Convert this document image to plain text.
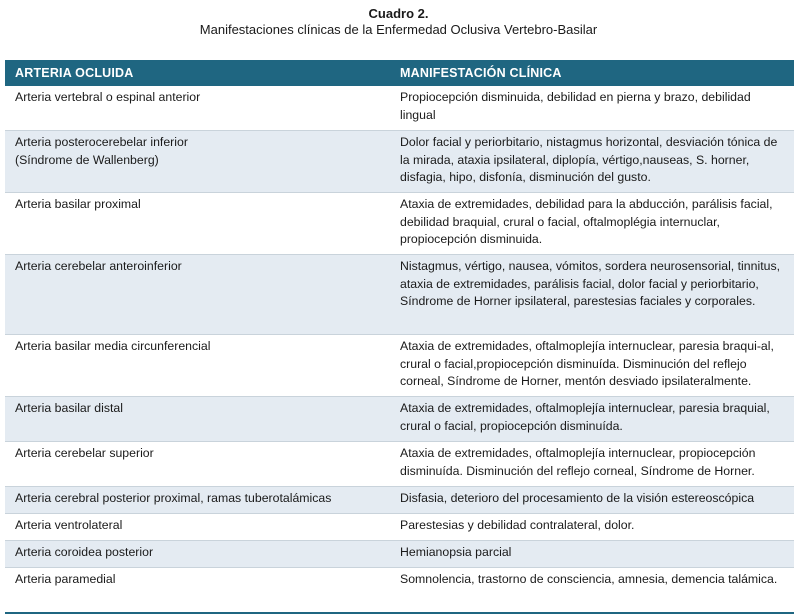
Cuadro 2.
Manifestaciones clínicas de la Enfermedad Oclusiva Vertebro-Basilar
ARTERIA OCLUIDA	MANIFESTACIÓN CLÍNICA
Arteria vertebral o espinal anterior	Propiocepción disminuida, debilidad en pierna y brazo, debilidad lingual
Arteria posterocerebelar inferior
(Síndrome de Wallenberg)	Dolor facial y periorbitario, nistagmus horizontal, desviación tónica de la mirada, ataxia ipsilateral, diplopía, vértigo,nauseas, S. horner, disfagia, hipo, disfonía, disminución del gusto.
Arteria basilar proximal	Ataxia de extremidades, debilidad para la abducción, parálisis facial, debilidad braquial, crural o facial, oftalmoplégia internuclar, propiocepción disminuida.
Arteria cerebelar anteroinferior	Nistagmus, vértigo, nausea, vómitos, sordera neurosensorial, tinnitus, ataxia de extremidades, parálisis facial, dolor facial y periorbitario, Síndrome de Horner ipsilateral, parestesias faciales y corporales.
Arteria basilar media circunferencial	Ataxia de extremidades, oftalmoplejía internuclear, paresia braqui-al, crural o facial,propiocepción disminuída. Disminución del reflejo corneal, Síndrome de Horner, mentón desviado ipsilateralmente.
Arteria basilar distal	Ataxia de extremidades, oftalmoplejía internuclear, paresia braquial, crural o facial, propiocepción disminuída.
Arteria cerebelar superior	Ataxia de extremidades, oftalmoplejía internuclear, propiocepción disminuída. Disminución del reflejo corneal, Síndrome de Horner.
Arteria cerebral posterior proximal, ramas tuberotalámicas	Disfasia, deterioro del procesamiento de la visión estereoscópica
Arteria ventrolateral	Parestesias y debilidad contralateral, dolor.
Arteria coroidea posterior	Hemianopsia parcial
Arteria paramedial	Somnolencia, trastorno de consciencia, amnesia, demencia talámica.
